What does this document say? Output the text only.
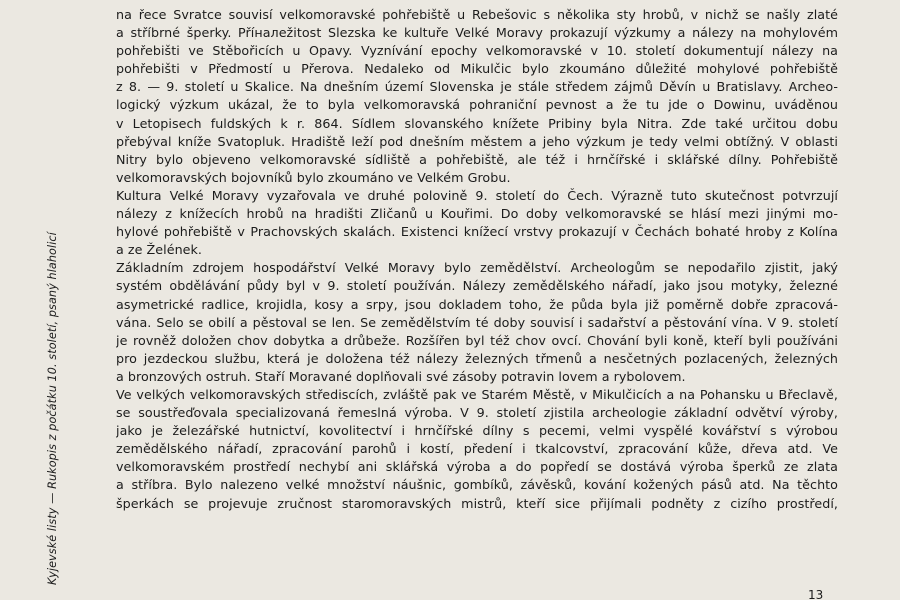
na řece Svratce souvisí velkomoravské pohřebiště u Rebešovic s několika sty hrobů, v nichž se našly zlaté
a stříbrné šperky. Příналežitost Slezska ke kultuře Velké Moravy prokazují výzkumy a nálezy na mohylovém
pohřebišti ve Stěbořicích u Opavy. Vyznívání epochy velkomoravské v 10. století dokumentují nálezy na
pohřebišti v Předmostí u Přerova. Nedaleko od Mikulčic bylo zkoumáno důležité mohylové pohřebiště
z 8. — 9. století u Skalice. Na dnešním území Slovenska je stále středem zájmů Děvín u Bratislavy. Archeo-
logický výzkum ukázal, že to byla velkomoravská pohraniční pevnost a že tu jde o Dowinu, uváděnou
v Letopisech fuldských k r. 864. Sídlem slovanského knížete Pribiny byla Nitra. Zde také určitou dobu
přebýval kníže Svatopluk. Hradiště leží pod dnešním městem a jeho výzkum je tedy velmi obtížný. V oblasti
Nitry bylo objeveno velkomoravské sídliště a pohřebiště, ale též i hrnčířské i sklářské dílny. Pohřebiště
velkomoravských bojovníků bylo zkoumáno ve Velkém Grobu.
Kultura Velké Moravy vyzařovala ve druhé polovině 9. století do Čech. Výrazně tuto skutečnost potvrzují
nálezy z knížecích hrobů na hradišti Zličanů u Kouřimi. Do doby velkomoravské se hlásí mezi jinými mo-
hylové pohřebiště v Prachovských skalách. Existenci knížecí vrstvy prokazují v Čechách bohaté hroby z Kolína
a ze Želének.
Základním zdrojem hospodářství Velké Moravy bylo zemědělství. Archeologům se nepodařilo zjistit, jaký
systém obdělávání půdy byl v 9. století používán. Nálezy zemědělského nářadí, jako jsou motyky, železné
asymetrické radlice, krojidla, kosy a srpy, jsou dokladem toho, že půda byla již poměrně dobře zpracová-
vána. Selo se obilí a pěstoval se len. Se zemědělstvím té doby souvisí i sadařství a pěstování vína. V 9. století
je rovněž doložen chov dobytka a drůbeže. Rozšířen byl též chov ovcí. Chování byli koně, kteří byli používáni
pro jezdeckou službu, která je doložena též nálezy železných třmenů a nesčetných pozlacených, železných
a bronzových ostruh. Staří Moravané doplňovali své zásoby potravin lovem a rybolovem.
Ve velkých velkomoravských střediscích, zvláště pak ve Starém Městě, v Mikulčicích a na Pohansku u Břeclavě,
se soustřeďovala specializovaná řemeslná výroba. V 9. století zjistila archeologie základní odvětví výroby,
jako je železářské hutnictví, kovolitectví i hrnčířské dílny s pecemi, velmi vyspělé kovářství s výrobou
zemědělského nářadí, zpracování parohů i kostí, předení i tkalcovství, zpracování kůže, dřeva atd. Ve
velkomoravském prostředí nechybí ani sklářská výroba a do popředí se dostává výroba šperků ze zlata
a stříbra. Bylo nalezeno velké množství náušnic, gombíků, závěsků, kování kožených pásů atd. Na těchto
šperkách se projevuje zručnost staromoravských mistrů, kteří sice přijímali podněty z cizího prostředí,
Kyjevské listy — Rukopis z počátku 10. století, psaný hlaholicí
13
